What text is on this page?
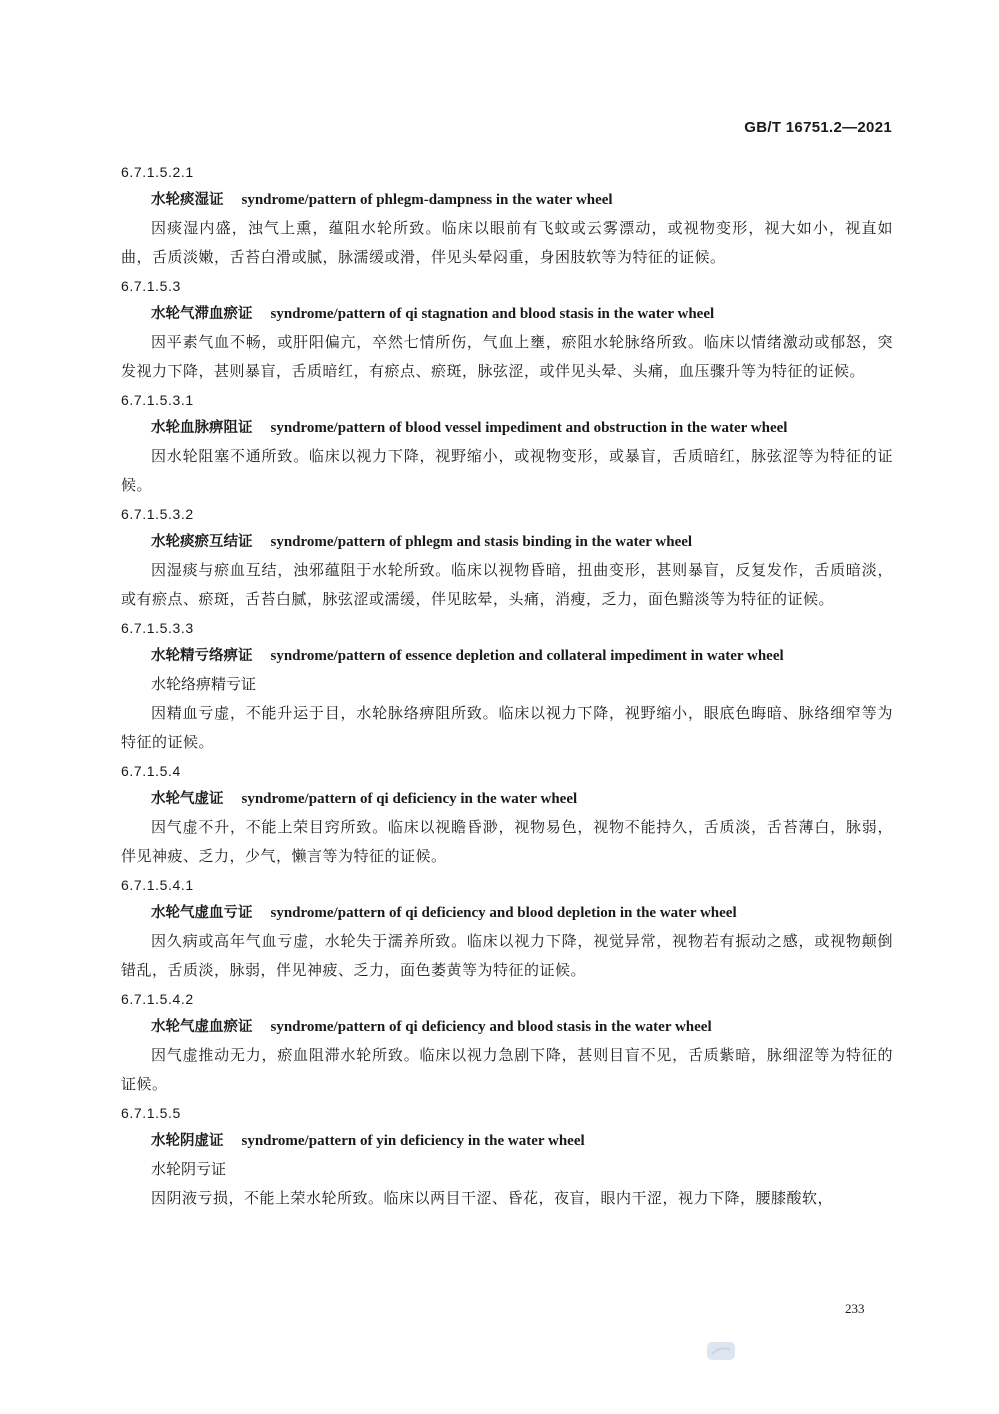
GB/T 16751.2—2021

6.7.1.5.2.1

水轮痰湿证 syndrome/pattern of phlegm-dampness in the water wheel

因痰湿内盛，浊气上熏，蕴阻水轮所致。临床以眼前有飞蚊或云雾漂动，或视物变形，视大如小，视直如曲，舌质淡嫩，舌苔白滑或腻，脉濡缓或滑，伴见头晕闷重，身困肢软等为特征的证候。

6.7.1.5.3

水轮气滞血瘀证 syndrome/pattern of qi stagnation and blood stasis in the water wheel

因平素气血不畅，或肝阳偏亢，卒然七情所伤，气血上壅，瘀阻水轮脉络所致。临床以情绪激动或郁怒，突发视力下降，甚则暴盲，舌质暗红，有瘀点、瘀斑，脉弦涩，或伴见头晕、头痛，血压骤升等为特征的证候。

6.7.1.5.3.1

水轮血脉痹阻证 syndrome/pattern of blood vessel impediment and obstruction in the water wheel

因水轮阻塞不通所致。临床以视力下降，视野缩小，或视物变形，或暴盲，舌质暗红，脉弦涩等为特征的证候。

6.7.1.5.3.2

水轮痰瘀互结证 syndrome/pattern of phlegm and stasis binding in the water wheel

因湿痰与瘀血互结，浊邪蕴阻于水轮所致。临床以视物昏暗，扭曲变形，甚则暴盲，反复发作，舌质暗淡，或有瘀点、瘀斑，舌苔白腻，脉弦涩或濡缓，伴见眩晕，头痛，消瘦，乏力，面色黯淡等为特征的证候。

6.7.1.5.3.3

水轮精亏络痹证 syndrome/pattern of essence depletion and collateral impediment in water wheel

水轮络痹精亏证

因精血亏虚，不能升运于目，水轮脉络痹阻所致。临床以视力下降，视野缩小，眼底色晦暗、脉络细窄等为特征的证候。

6.7.1.5.4

水轮气虚证 syndrome/pattern of qi deficiency in the water wheel

因气虚不升，不能上荣目窍所致。临床以视瞻昏渺，视物易色，视物不能持久，舌质淡，舌苔薄白，脉弱，伴见神疲、乏力，少气，懒言等为特征的证候。

6.7.1.5.4.1

水轮气虚血亏证 syndrome/pattern of qi deficiency and blood depletion in the water wheel

因久病或高年气血亏虚，水轮失于濡养所致。临床以视力下降，视觉异常，视物若有振动之感，或视物颠倒错乱，舌质淡，脉弱，伴见神疲、乏力，面色萎黄等为特征的证候。

6.7.1.5.4.2

水轮气虚血瘀证 syndrome/pattern of qi deficiency and blood stasis in the water wheel

因气虚推动无力，瘀血阻滞水轮所致。临床以视力急剧下降，甚则目盲不见，舌质紫暗，脉细涩等为特征的证候。

6.7.1.5.5

水轮阴虚证 syndrome/pattern of yin deficiency in the water wheel

水轮阴亏证

因阴液亏损，不能上荣水轮所致。临床以两目干涩、昏花，夜盲，眼内干涩，视力下降，腰膝酸软，

233
